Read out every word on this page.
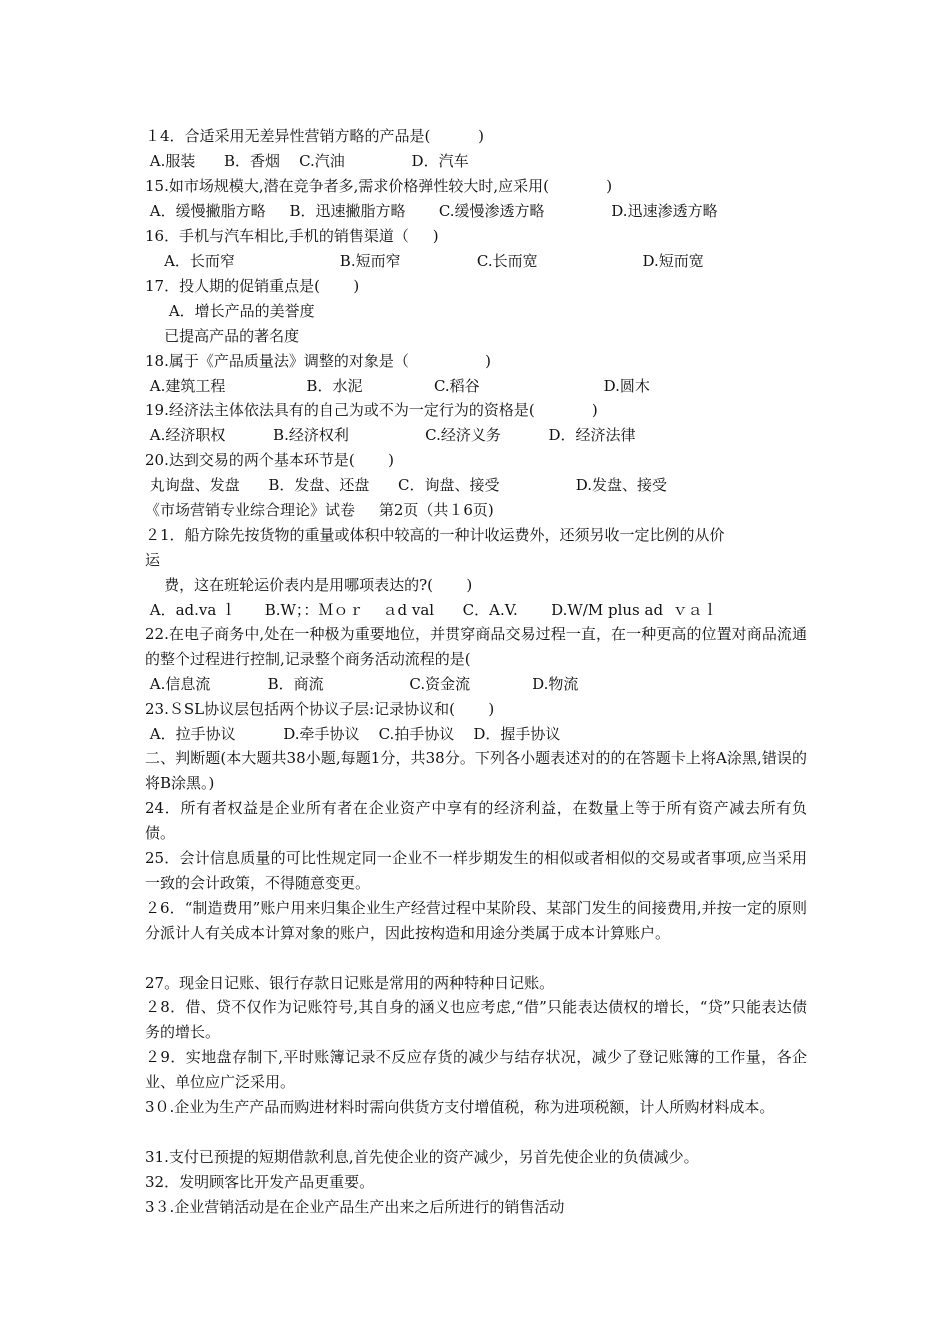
１4．合适采用无差异性营销方略的产品是(          )
A.服装      B．香烟    C.汽油              D．汽车
15.如市场规模大,潜在竞争者多,需求价格弹性较大时,应采用(            )
A．缓慢撇脂方略     B．迅速撇脂方略       C.缓慢渗透方略              D.迅速渗透方略
16．手机与汽车相比,手机的销售渠道（     )
A．长而窄                      B.短而窄                C.长而宽                      D.短而宽
17．投人期的促销重点是(       )
A．增长产品的美誉度
已提高产品的著名度
18.属于《产品质量法》调整的对象是（                )
A.建筑工程                 B．水泥               C.稻谷                          D.圆木
19.经济法主体依法具有的自己为或不为一定行为的资格是(            )
A.经济职权          B.经济权利                C.经济义务          D．经济法律
20.达到交易的两个基本环节是(       )
丸询盘、发盘      B．发盘、还盘      C．询盘、接受                D.发盘、接受
《市场营销专业综合理论》试卷     第2页（共１6页)
２1．船方除先按货物的重量或体积中较高的一种计收运费外，还须另收一定比例的从价
运
费，这在班轮运价表内是用哪项表达的?(       )
A．ad.va ｌ      B.W；：Ｍｏｒ    ａd val      C．A.V.       D.W/M plus ad  ｖａｌ
22.在电子商务中,处在一种极为重要地位，并贯穿商品交易过程一直，在一种更高的位置对商品流通的整个过程进行控制,记录整个商务活动流程的是(
A.信息流            B．商流                  C.资金流             D.物流
23.ＳSL协议层包括两个协议子层:记录协议和(       )
A．拉手协议          D.牵手协议    C.拍手协议    D．握手协议
二、判断题(本大题共38小题,每题1分，共38分。下列各小题表述对的的在答题卡上将A涂黑,错误的将B涂黑。)
24．所有者权益是企业所有者在企业资产中享有的经济利益，在数量上等于所有资产减去所有负债。
25．会计信息质量的可比性规定同一企业不一样步期发生的相似或者相似的交易或者事项,应当采用一致的会计政策，不得随意变更。
２6．“制造费用”账户用来归集企业生产经营过程中某阶段、某部门发生的间接费用,并按一定的原则分派计人有关成本计算对象的账户，因此按构造和用途分类属于成本计算账户。
27。现金日记账、银行存款日记账是常用的两种特种日记账。
２8．借、贷不仅作为记账符号,其自身的涵义也应考虑,“借”只能表达债权的增长，“贷”只能表达债务的增长。
２9．实地盘存制下,平时账簿记录不反应存货的减少与结存状况，减少了登记账簿的工作量，各企业、单位应广泛采用。
3０.企业为生产产品而购进材料时需向供货方支付增值税，称为进项税额，计人所购材料成本。
31.支付已预提的短期借款利息,首先使企业的资产减少，另首先使企业的负债减少。
32．发明顾客比开发产品更重要。
3３.企业营销活动是在企业产品生产出来之后所进行的销售活动
